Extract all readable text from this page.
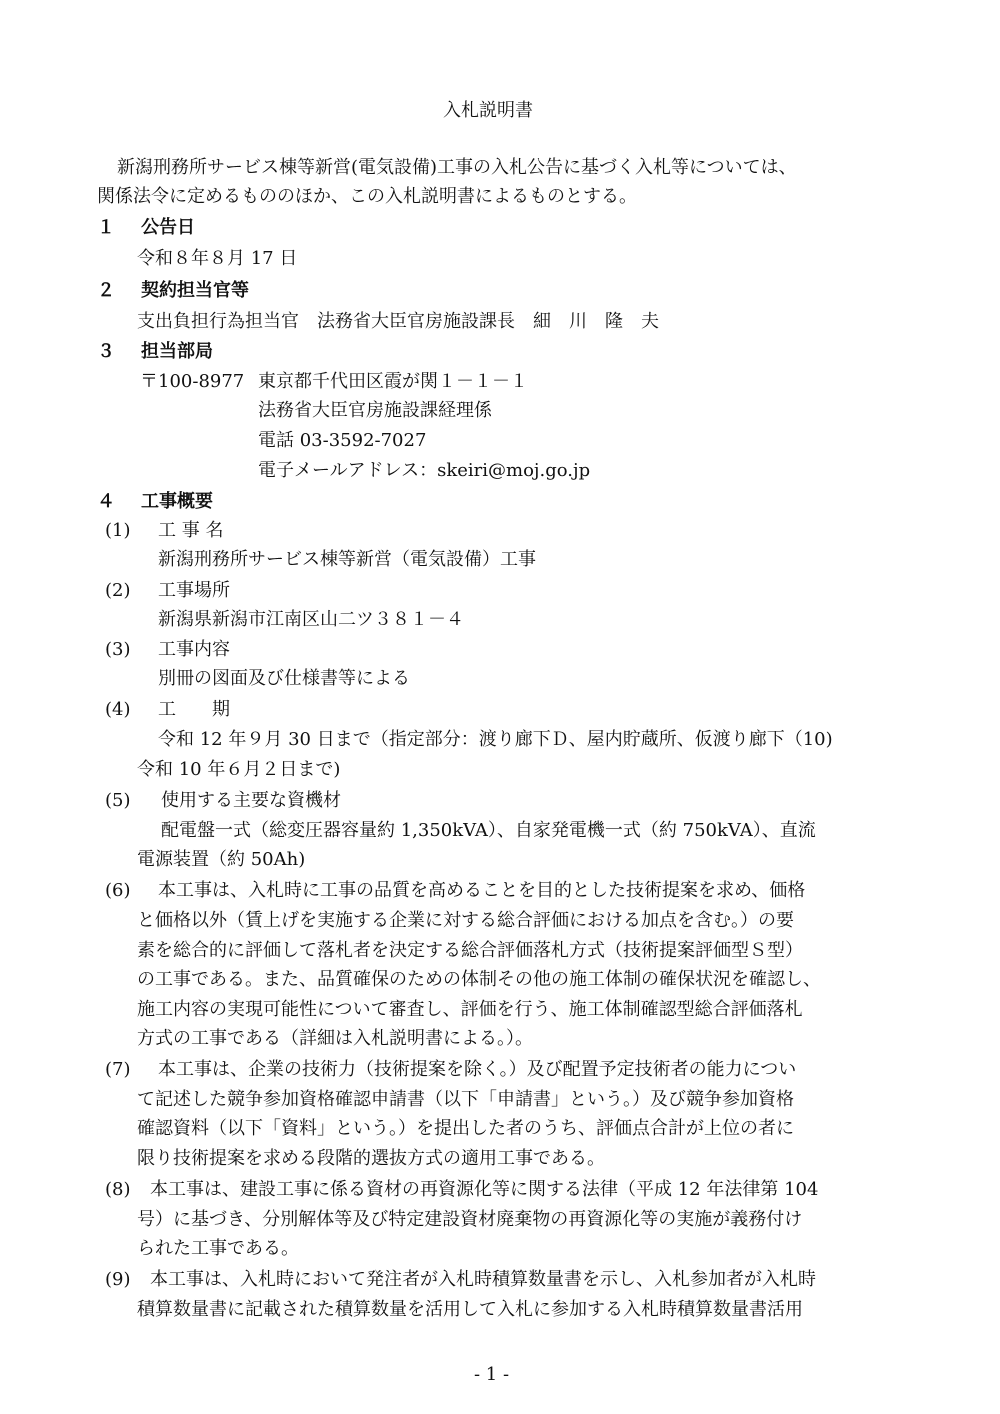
入札説明書
新潟刑務所サービス棟等新営(電気設備)工事の入札公告に基づく入札等については、
関係法令に定めるもののほか、この入札説明書によるものとする。
１ 公告日
令和８年８月 17 日
２ 契約担当官等
支出負担行為担当官　法務省大臣官房施設課長　細　川　隆　夫
３ 担当部局
〒100-8977 東京都千代田区霞が関１－１－１
法務省大臣官房施設課経理係
電話 03-3592-7027
電子メールアドレス：skeiri@moj.go.jp
４ 工事概要
(1) 工 事 名
新潟刑務所サービス棟等新営（電気設備）工事
(2) 工事場所
新潟県新潟市江南区山二ツ３８１－４
(3) 工事内容
別冊の図面及び仕様書等による
(4) 工　　期
令和 12 年９月 30 日まで（指定部分：渡り廊下Ｄ、屋内貯蔵所、仮渡り廊下（10)
令和 10 年６月２日まで)
(5) 使用する主要な資機材
配電盤一式（総変圧器容量約 1,350kVA）、自家発電機一式（約 750kVA）、直流
電源装置（約 50Ah)
(6) 本工事は、入札時に工事の品質を高めることを目的とした技術提案を求め、価格
と価格以外（賃上げを実施する企業に対する総合評価における加点を含む。）の要
素を総合的に評価して落札者を決定する総合評価落札方式（技術提案評価型Ｓ型）
の工事である。また、品質確保のための体制その他の施工体制の確保状況を確認し、
施工内容の実現可能性について審査し、評価を行う、施工体制確認型総合評価落札
方式の工事である（詳細は入札説明書による。）。
(7) 本工事は、企業の技術力（技術提案を除く。）及び配置予定技術者の能力につい
て記述した競争参加資格確認申請書（以下「申請書」という。）及び競争参加資格
確認資料（以下「資料」という。）を提出した者のうち、評価点合計が上位の者に
限り技術提案を求める段階的選抜方式の適用工事である。
(8) 本工事は、建設工事に係る資材の再資源化等に関する法律（平成 12 年法律第 104
号）に基づき、分別解体等及び特定建設資材廃棄物の再資源化等の実施が義務付け
られた工事である。
(9) 本工事は、入札時において発注者が入札時積算数量書を示し、入札参加者が入札時
積算数量書に記載された積算数量を活用して入札に参加する入札時積算数量書活用
- 1 -
